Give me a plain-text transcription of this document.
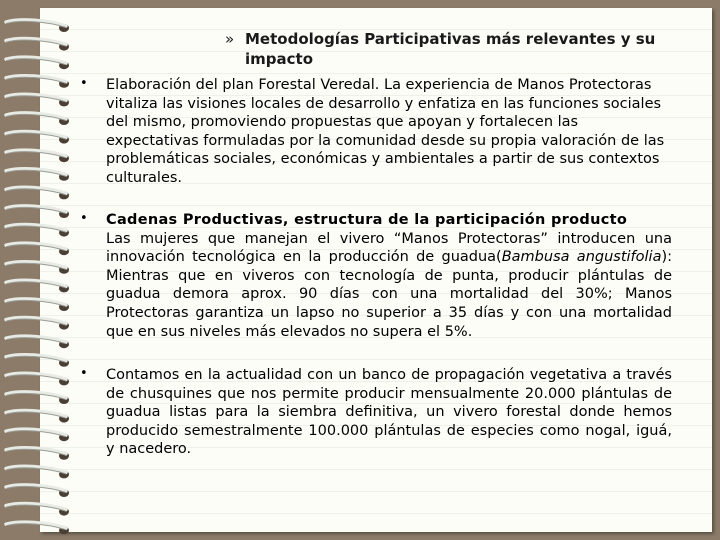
» Metodologías Participativas más relevantes y su impacto
•	Elaboración del plan Forestal Veredal. La experiencia de Manos Protectoras vitaliza las visiones locales de desarrollo y enfatiza en las funciones sociales del mismo, promoviendo propuestas que apoyan y fortalecen las expectativas formuladas por la comunidad desde su propia valoración de las problemáticas sociales, económicas y ambientales a partir de sus contextos culturales.
•	Cadenas Productivas, estructura de la participación producto
Las mujeres que manejan el vivero “Manos Protectoras” introducen una innovación tecnológica en la producción de guadua(Bambusa angustifolia): Mientras que en viveros con tecnología de punta, producir plántulas de guadua demora aprox. 90 días con una mortalidad del 30%; Manos Protectoras garantiza un lapso no superior a 35 días y con una mortalidad que en sus niveles más elevados no supera el 5%.
•	Contamos en la actualidad con un banco de propagación vegetativa a través de chusquines que nos permite producir mensualmente 20.000 plántulas de guadua listas para la siembra definitiva, un vivero forestal donde hemos producido semestralmente 100.000 plántulas de especies como nogal, iguá, y nacedero.
